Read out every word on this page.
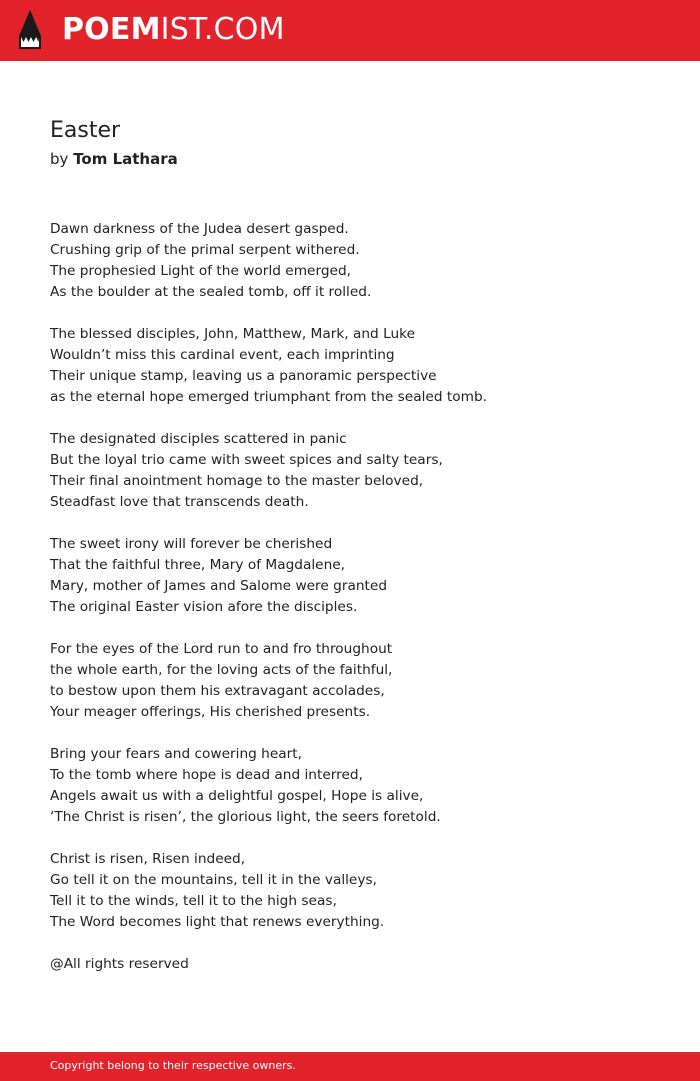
POEMIST.COM
Easter
by Tom Lathara
Dawn darkness of the Judea desert gasped.
Crushing grip of the primal serpent withered.
The prophesied Light of the world emerged,
As the boulder at the sealed tomb, off it rolled.
The blessed disciples, John, Matthew, Mark, and Luke
Wouldn’t miss this cardinal event, each imprinting
Their unique stamp, leaving us a panoramic perspective
as the eternal hope emerged triumphant from the sealed tomb.
The designated disciples scattered in panic
But the loyal trio came with sweet spices and salty tears,
Their final anointment homage to the master beloved,
Steadfast love that transcends death.
The sweet irony will forever be cherished
That the faithful three, Mary of Magdalene,
Mary, mother of James and Salome were granted
The original Easter vision afore the disciples.
For the eyes of the Lord run to and fro throughout
the whole earth, for the loving acts of the faithful,
to bestow upon them his extravagant accolades,
Your meager offerings, His cherished presents.
Bring your fears and cowering heart,
To the tomb where hope is dead and interred,
Angels await us with a delightful gospel, Hope is alive,
‘The Christ is risen’, the glorious light, the seers foretold.
Christ is risen, Risen indeed,
Go tell it on the mountains, tell it in the valleys,
Tell it to the winds, tell it to the high seas,
The Word becomes light that renews everything.
@All rights reserved
Copyright belong to their respective owners.
